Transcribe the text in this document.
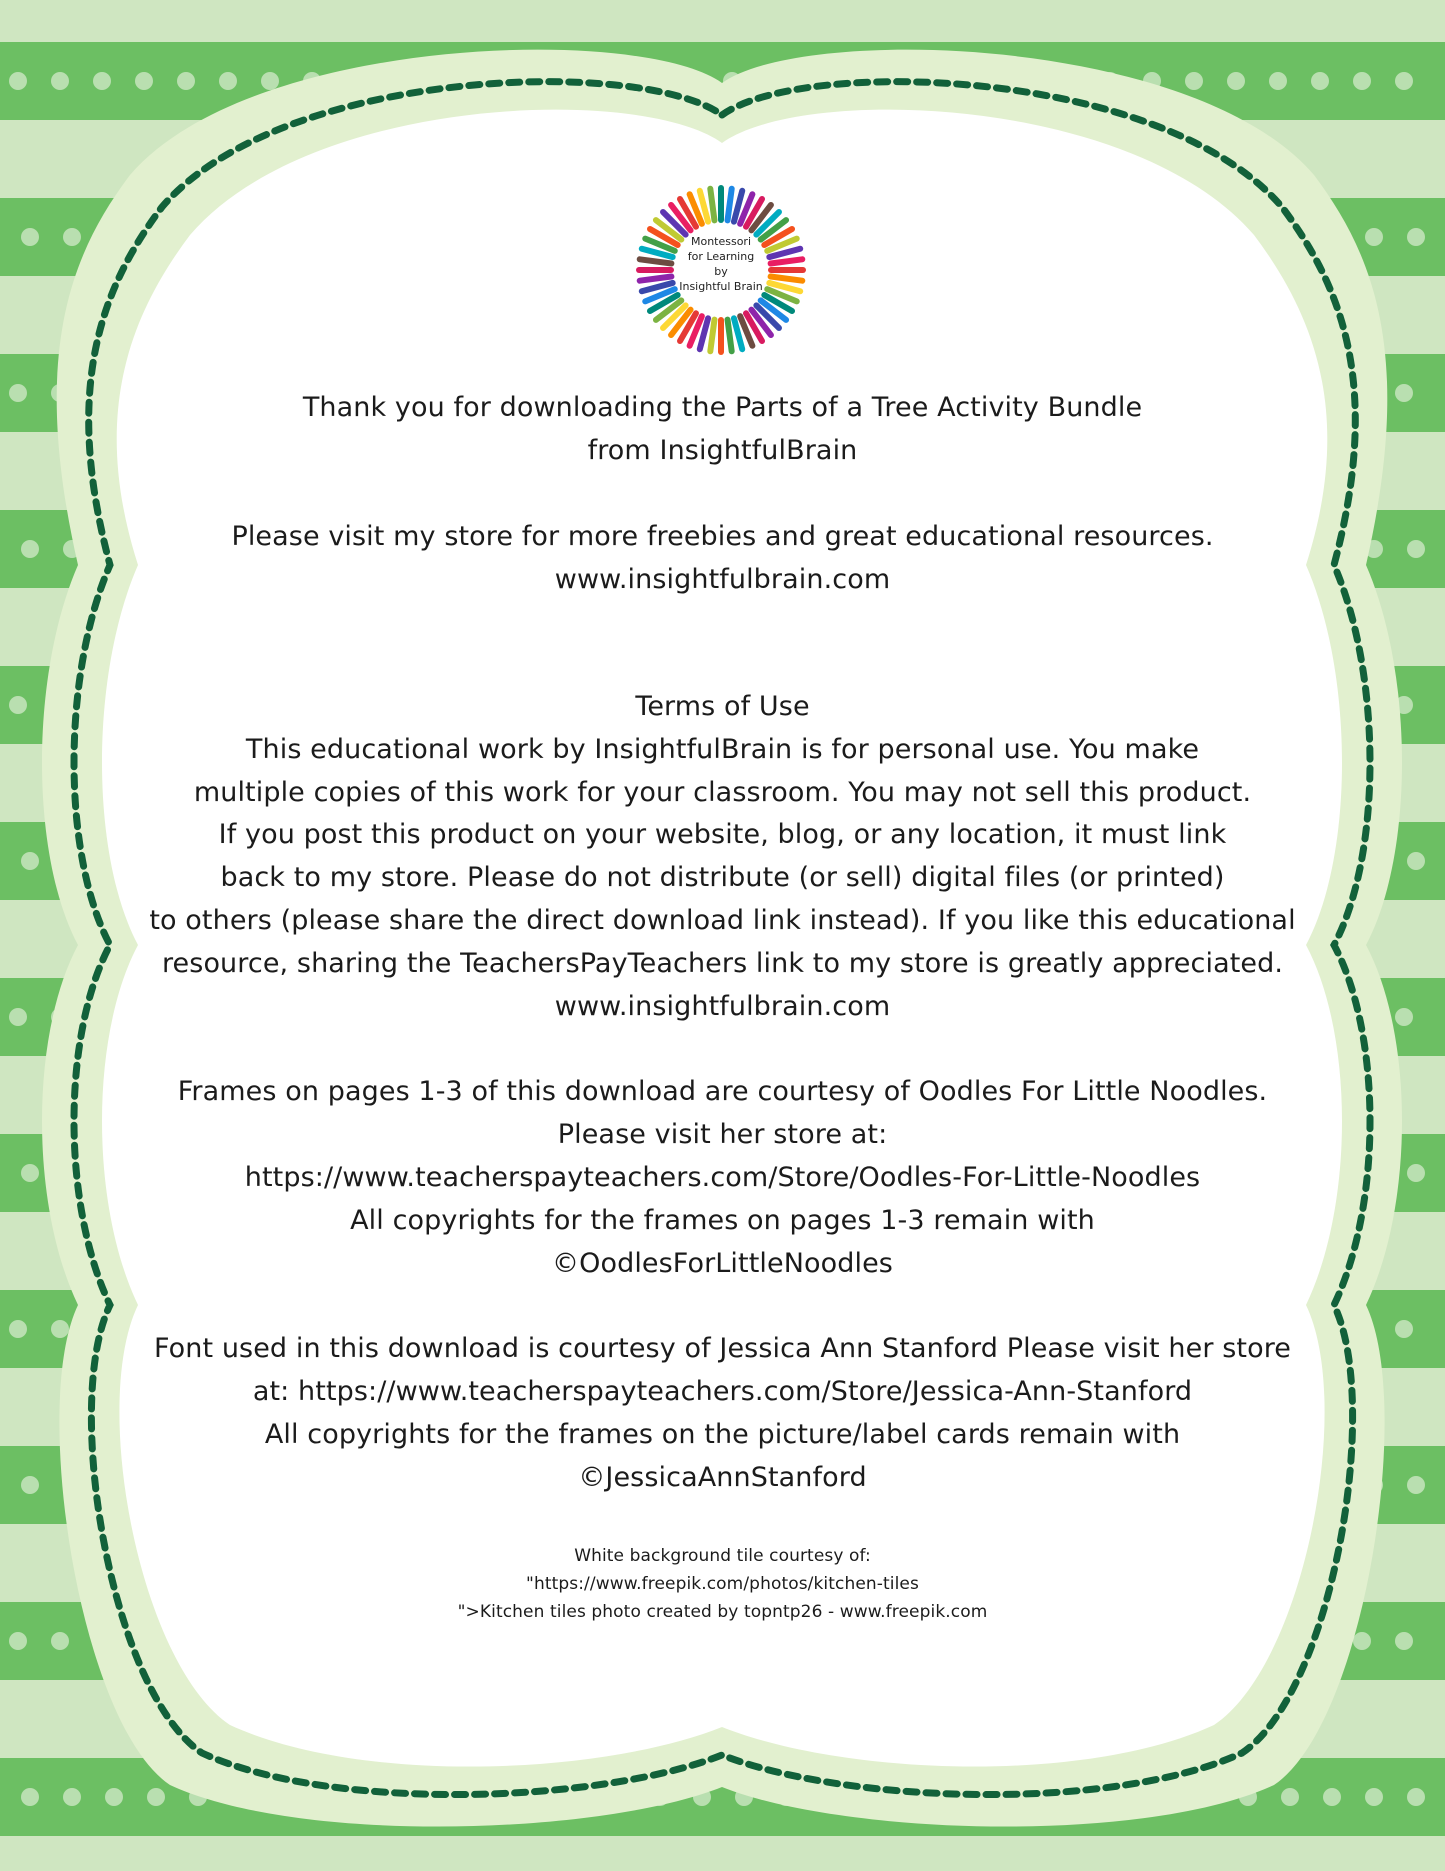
Montessori
for Learning
by
Insightful Brain
Thank you for downloading the Parts of a Tree Activity Bundle
from InsightfulBrain
Please visit my store for more freebies and great educational resources.
www.insightfulbrain.com
Terms of Use
This educational work by InsightfulBrain is for personal use. You make
multiple copies of this work for your classroom. You may not sell this product.
If you post this product on your website, blog, or any location, it must link
back to my store. Please do not distribute (or sell) digital files (or printed)
to others (please share the direct download link instead). If you like this educational
resource, sharing the TeachersPayTeachers link to my store is greatly appreciated.
www.insightfulbrain.com
Frames on pages 1-3 of this download are courtesy of Oodles For Little Noodles.
Please visit her store at:
https://www.teacherspayteachers.com/Store/Oodles-For-Little-Noodles
All copyrights for the frames on pages 1-3 remain with
©OodlesForLittleNoodles
Font used in this download is courtesy of Jessica Ann Stanford Please visit her store
at: https://www.teacherspayteachers.com/Store/Jessica-Ann-Stanford
All copyrights for the frames on the picture/label cards remain with
©JessicaAnnStanford
White background tile courtesy of:
"https://www.freepik.com/photos/kitchen-tiles
">Kitchen tiles photo created by topntp26 - www.freepik.com
